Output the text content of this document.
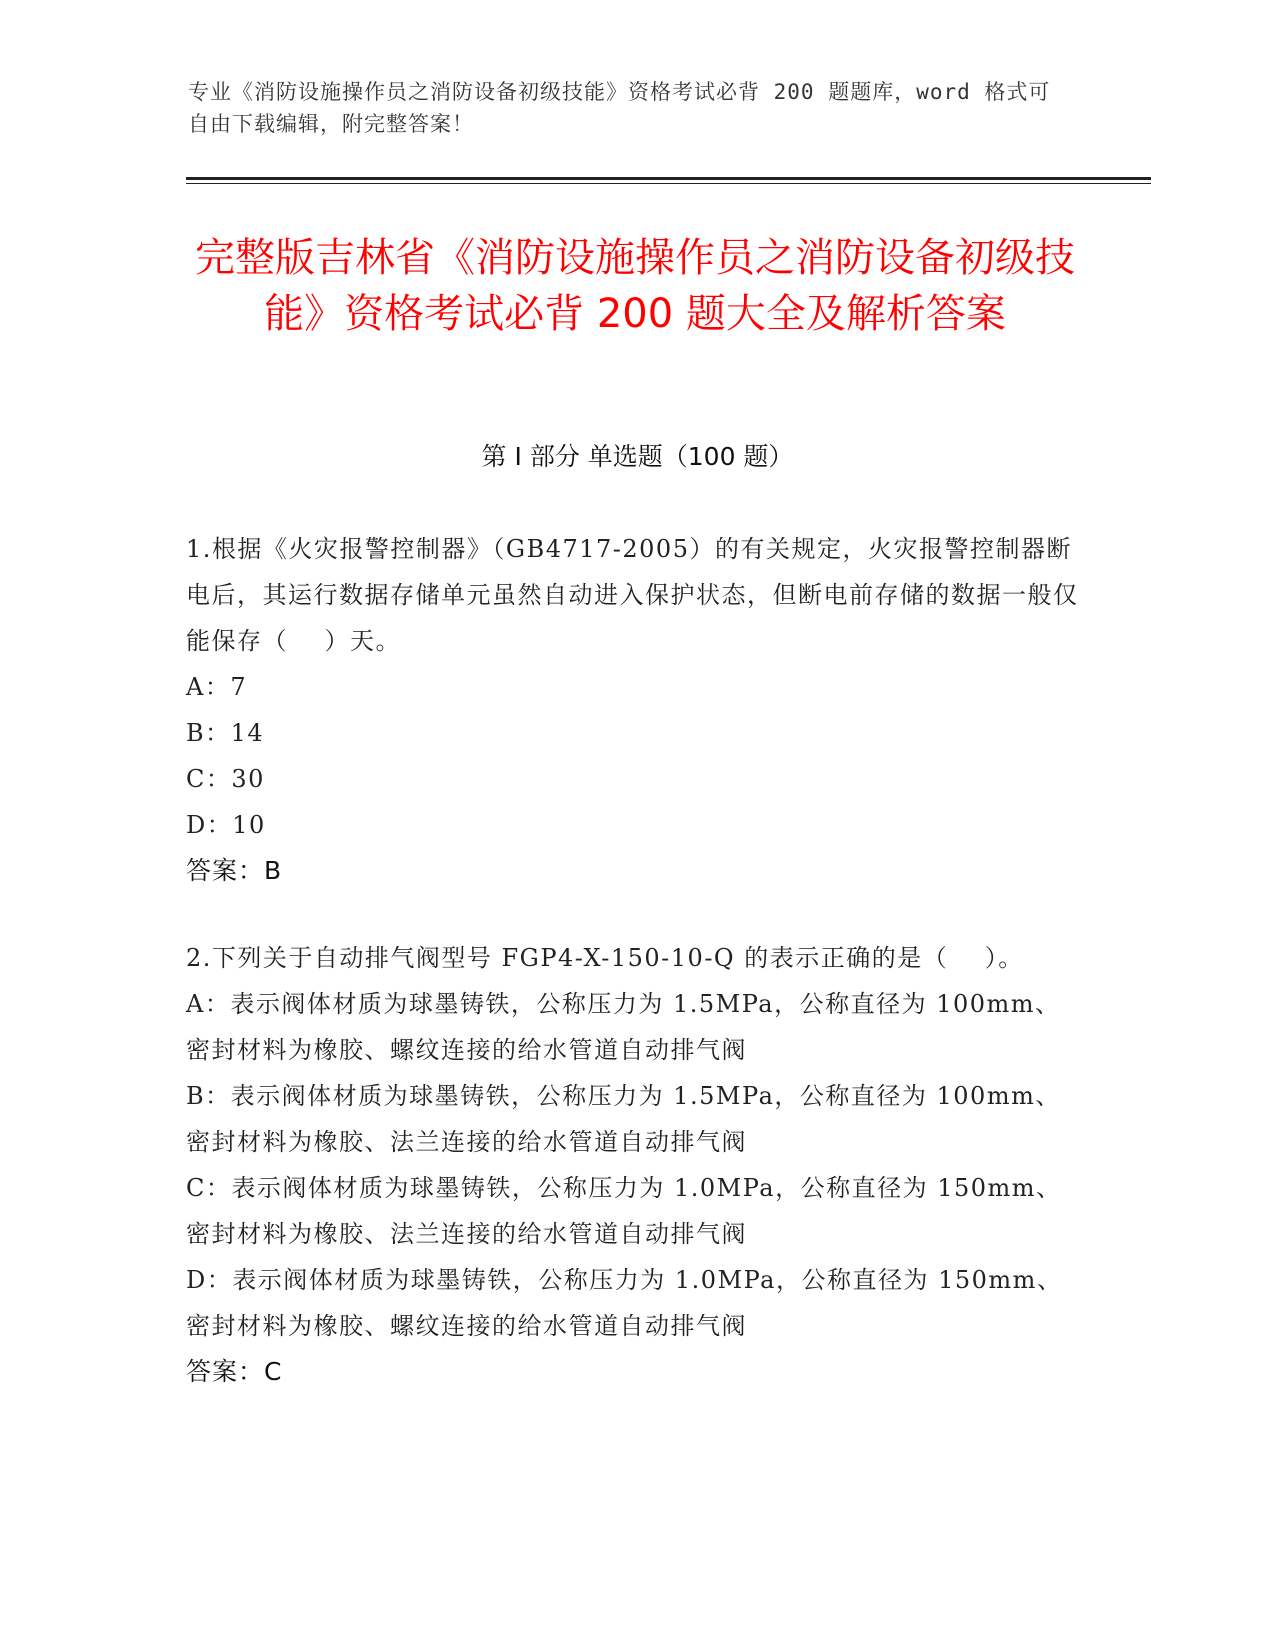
专业《消防设施操作员之消防设备初级技能》资格考试必背 200 题题库，word 格式可自由下载编辑，附完整答案！
完整版吉林省《消防设施操作员之消防设备初级技能》资格考试必背 200 题大全及解析答案
第 I 部分 单选题（100 题）
1.根据《火灾报警控制器》（GB4717-2005）的有关规定，火灾报警控制器断电后，其运行数据存储单元虽然自动进入保护状态，但断电前存储的数据一般仅能保存（    ）天。
A：7
B：14
C：30
D：10
答案：B
2.下列关于自动排气阀型号 FGP4-X-150-10-Q 的表示正确的是（    ）。
A：表示阀体材质为球墨铸铁，公称压力为 1.5MPa，公称直径为 100mm、密封材料为橡胶、螺纹连接的给水管道自动排气阀
B：表示阀体材质为球墨铸铁，公称压力为 1.5MPa，公称直径为 100mm、密封材料为橡胶、法兰连接的给水管道自动排气阀
C：表示阀体材质为球墨铸铁，公称压力为 1.0MPa，公称直径为 150mm、密封材料为橡胶、法兰连接的给水管道自动排气阀
D：表示阀体材质为球墨铸铁，公称压力为 1.0MPa，公称直径为 150mm、密封材料为橡胶、螺纹连接的给水管道自动排气阀
答案：C
